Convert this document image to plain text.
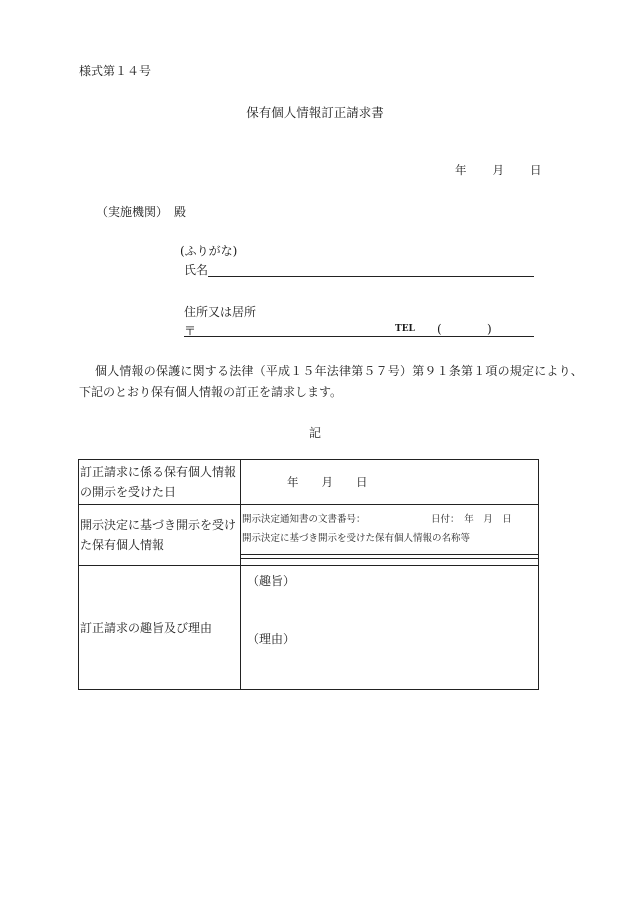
様式第１４号
保有個人情報訂正請求書
年 月 日
（実施機関）　殿
(ふりがな)
氏名
住所又は居所
〒	TEL (	)
個人情報の保護に関する法律（平成１５年法律第５７号）第９１条第１項の規定により、
下記のとおり保有個人情報の訂正を請求します。
記
訂正請求に係る保有個人情報の開示を受けた日	年　　月　　日
開示決定に基づき開示を受けた保有個人情報	開示決定通知書の文書番号： 日付：　年　月　日
開示決定に基づき開示を受けた保有個人情報の名称等

訂正請求の趣旨及び理由	（趣旨）
（理由）
